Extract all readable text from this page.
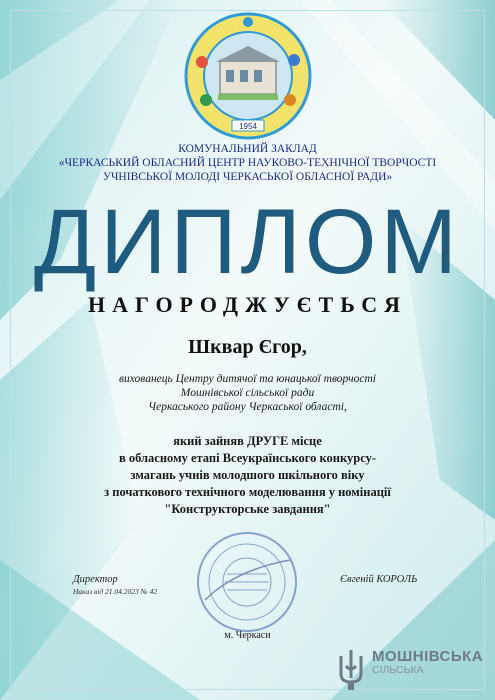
1954
КОМУНАЛЬНИЙ ЗАКЛАД
«ЧЕРКАСЬКИЙ ОБЛАСНИЙ ЦЕНТР НАУКОВО-ТЕХНІЧНОЇ ТВОРЧОСТІ
УЧНІВСЬКОЇ МОЛОДІ ЧЕРКАСЬКОЇ ОБЛАСНОЇ РАДИ»
ДИПЛОМ
НАГОРОДЖУЄТЬСЯ
Шквар Єгор,
вихованець Центру дитячої та юнацької творчості
Мошнівської сільської ради
Черкаського району Черкаської області,
який зайняв ДРУГЕ місце
в обласному етапі Всеукраїнського конкурсу-
змагань учнів молодшого шкільного віку
з початкового технічного моделювання у номінації
"Конструкторське завдання"
Директор
Наказ від 21.04.2023 № 42
Євгеній КОРОЛЬ
м. Черкаси
МОШНІВСЬКА
СІЛЬСЬКА
